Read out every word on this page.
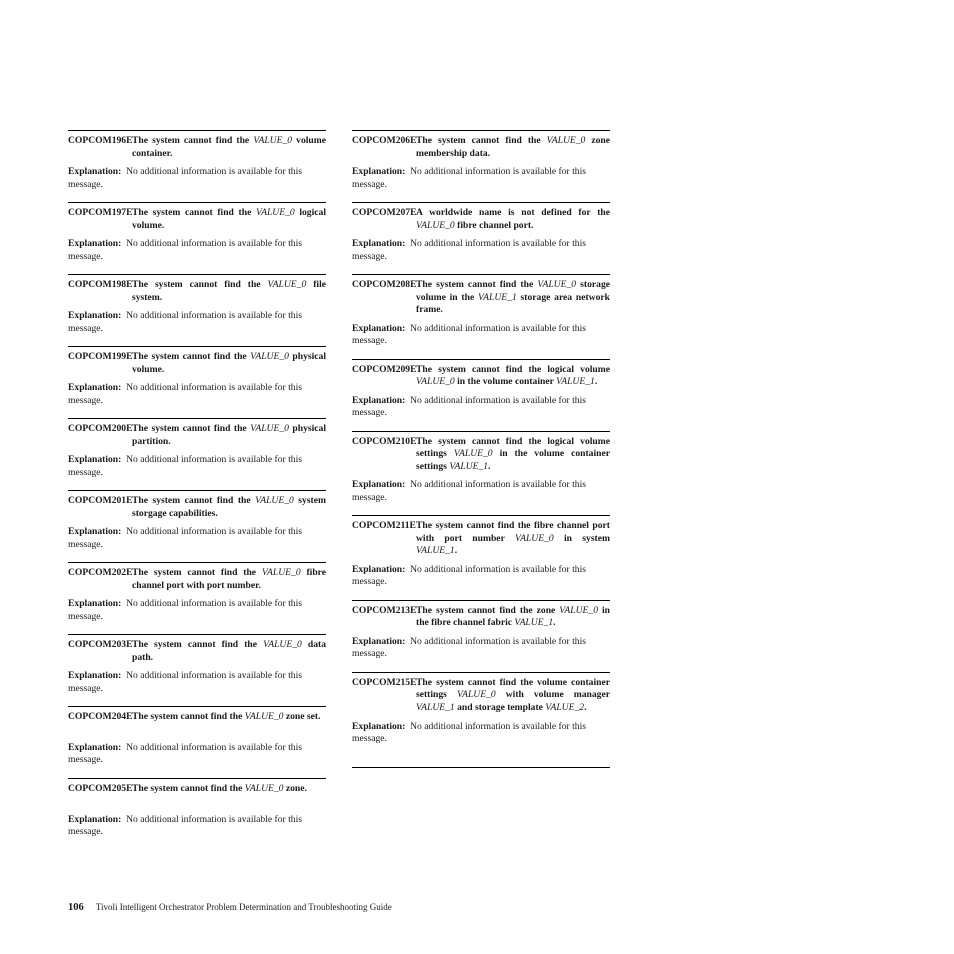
COPCOM196E The system cannot find the VALUE_0 volume container.
Explanation: No additional information is available for this message.
COPCOM197E The system cannot find the VALUE_0 logical volume.
Explanation: No additional information is available for this message.
COPCOM198E The system cannot find the VALUE_0 file system.
Explanation: No additional information is available for this message.
COPCOM199E The system cannot find the VALUE_0 physical volume.
Explanation: No additional information is available for this message.
COPCOM200E The system cannot find the VALUE_0 physical partition.
Explanation: No additional information is available for this message.
COPCOM201E The system cannot find the VALUE_0 system storgage capabilities.
Explanation: No additional information is available for this message.
COPCOM202E The system cannot find the VALUE_0 fibre channel port with port number.
Explanation: No additional information is available for this message.
COPCOM203E The system cannot find the VALUE_0 data path.
Explanation: No additional information is available for this message.
COPCOM204E The system cannot find the VALUE_0 zone set.
Explanation: No additional information is available for this message.
COPCOM205E The system cannot find the VALUE_0 zone.
Explanation: No additional information is available for this message.
COPCOM206E The system cannot find the VALUE_0 zone membership data.
Explanation: No additional information is available for this message.
COPCOM207E A worldwide name is not defined for the VALUE_0 fibre channel port.
Explanation: No additional information is available for this message.
COPCOM208E The system cannot find the VALUE_0 storage volume in the VALUE_1 storage area network frame.
Explanation: No additional information is available for this message.
COPCOM209E The system cannot find the logical volume VALUE_0 in the volume container VALUE_1.
Explanation: No additional information is available for this message.
COPCOM210E The system cannot find the logical volume settings VALUE_0 in the volume container settings VALUE_1.
Explanation: No additional information is available for this message.
COPCOM211E The system cannot find the fibre channel port with port number VALUE_0 in system VALUE_1.
Explanation: No additional information is available for this message.
COPCOM213E The system cannot find the zone VALUE_0 in the fibre channel fabric VALUE_1.
Explanation: No additional information is available for this message.
COPCOM215E The system cannot find the volume container settings VALUE_0 with volume manager VALUE_1 and storage template VALUE_2.
Explanation: No additional information is available for this message.
106 Tivoli Intelligent Orchestrator Problem Determination and Troubleshooting Guide
